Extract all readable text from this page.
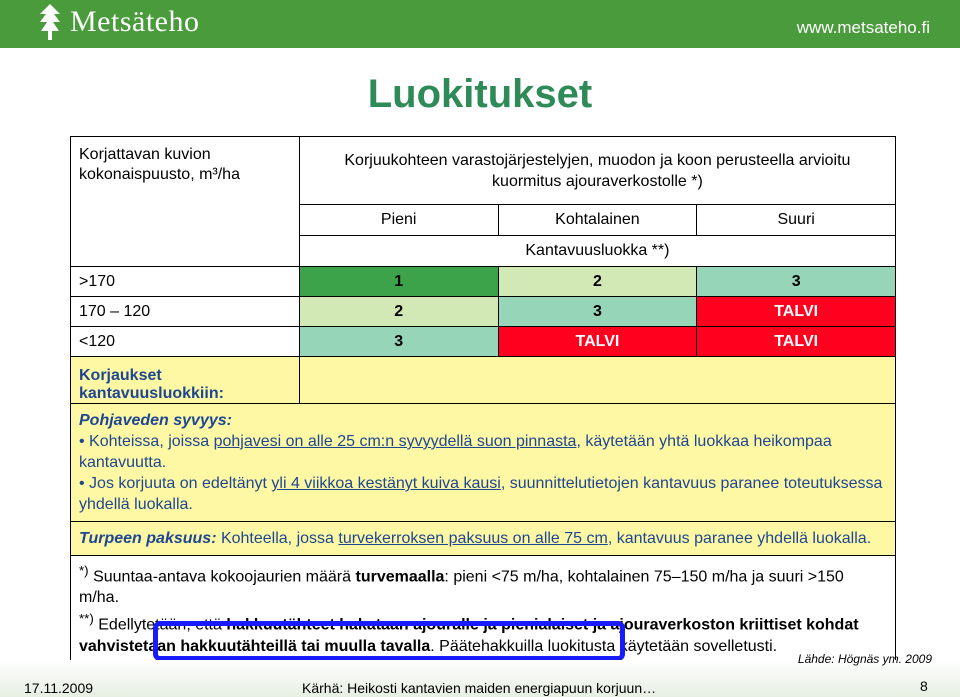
Metsäteho	www.metsateho.fi
Luokitukset
Korjattavan kuvion kokonaispuusto, m³/ha	Korjuukohteen varastojärjestelyjen, muodon ja koon perusteella arvioitu kuormitus ajouraverkostolle *)		
	Pieni	Kohtalainen	Suuri
	Kantavuusluokka **)		
>170	1	2	3
170 – 120	2	3	TALVI
<120	3	TALVI	TALVI
Korjaukset kantavuusluokkiin:			

Pohjaveden syvyys:
• Kohteissa, joissa pohjavesi on alle 25 cm:n syvyydellä suon pinnasta, käytetään yhtä luokkaa heikompaa kantavuutta.
• Jos korjuuta on edeltänyt yli 4 viikkoa kestänyt kuiva kausi, suunnittelutietojen kantavuus paranee toteutuksessa yhdellä luokalla.			

Turpeen paksuus: Kohteella, jossa turvekerroksen paksuus on alle 75 cm, kantavuus paranee yhdellä luokalla.			

*) Suuntaa-antava kokoojaurien määrä turvemaalla: pieni <75 m/ha, kohtalainen 75–150 m/ha ja suuri >150 m/ha.
**) Edellytetään, että hakkuutähteet hakataan ajouralle ja pienialaiset ja ajouraverkoston kriittiset kohdat vahvistetaan hakkuutähteillä tai muulla tavalla. Päätehakkuilla luokitusta käytetään sovelletusti.			
Lähde: Högnäs ym. 2009
17.11.2009	Kärhä: Heikosti kantavien maiden energiapuun korjuun…	8
